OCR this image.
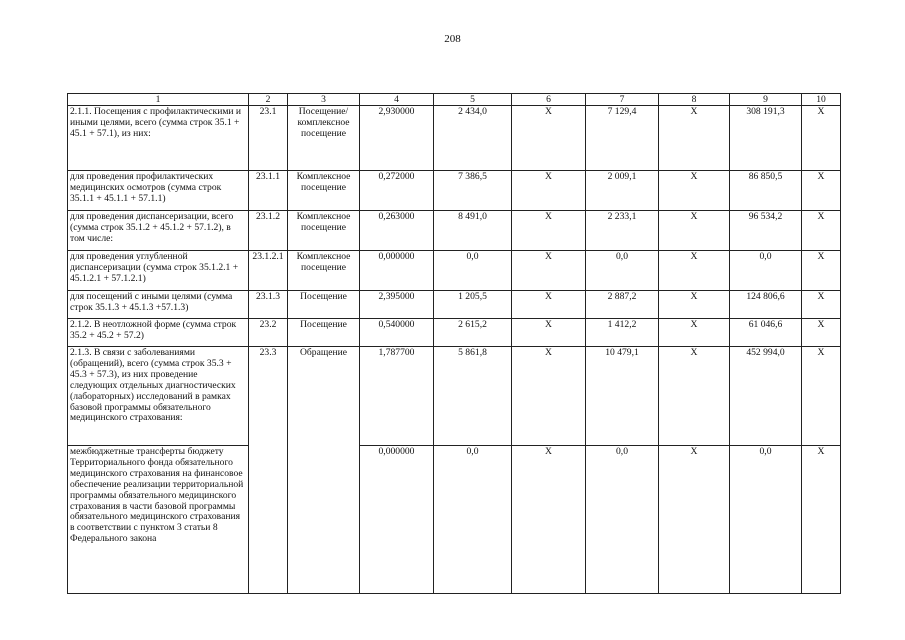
208
1	2	3	4	5	6	7	8	9	10
2.1.1. Посещения с профилактическими и иными целями, всего (сумма строк 35.1 + 45.1 + 57.1), из них:	23.1	Посещение/ комплексное посещение	2,930000	2 434,0	X	7 129,4	X	308 191,3	X
для проведения профилактических медицинских осмотров (сумма строк 35.1.1 + 45.1.1 + 57.1.1)	23.1.1	Комплексное посещение	0,272000	7 386,5	X	2 009,1	X	86 850,5	X
для проведения диспансеризации, всего (сумма строк 35.1.2 + 45.1.2 + 57.1.2), в том числе:	23.1.2	Комплексное посещение	0,263000	8 491,0	X	2 233,1	X	96 534,2	X
для проведения углубленной диспансеризации (сумма строк 35.1.2.1 + 45.1.2.1 + 57.1.2.1)	23.1.2.1	Комплексное посещение	0,000000	0,0	X	0,0	X	0,0	X
для посещений с иными целями (сумма строк 35.1.3 + 45.1.3 +57.1.3)	23.1.3	Посещение	2,395000	1 205,5	X	2 887,2	X	124 806,6	X
2.1.2. В неотложной форме (сумма строк 35.2 + 45.2 + 57.2)	23.2	Посещение	0,540000	2 615,2	X	1 412,2	X	61 046,6	X
2.1.3. В связи с заболеваниями (обращений), всего (сумма строк 35.3 + 45.3 + 57.3), из них проведение следующих отдельных диагностических (лабораторных) исследований в рамках базовой программы обязательного медицинского страхования:	23.3	Обращение	1,787700	5 861,8	X	10 479,1	X	452 994,0	X
межбюджетные трансферты бюджету Территориального фонда обязательного медицинского страхования на финансовое обеспечение реализации территориальной программы обязательного медицинского страхования в части базовой программы обязательного медицинского страхования в соответствии с пунктом 3 статьи 8 Федерального закона			0,000000	0,0	X	0,0	X	0,0	X
